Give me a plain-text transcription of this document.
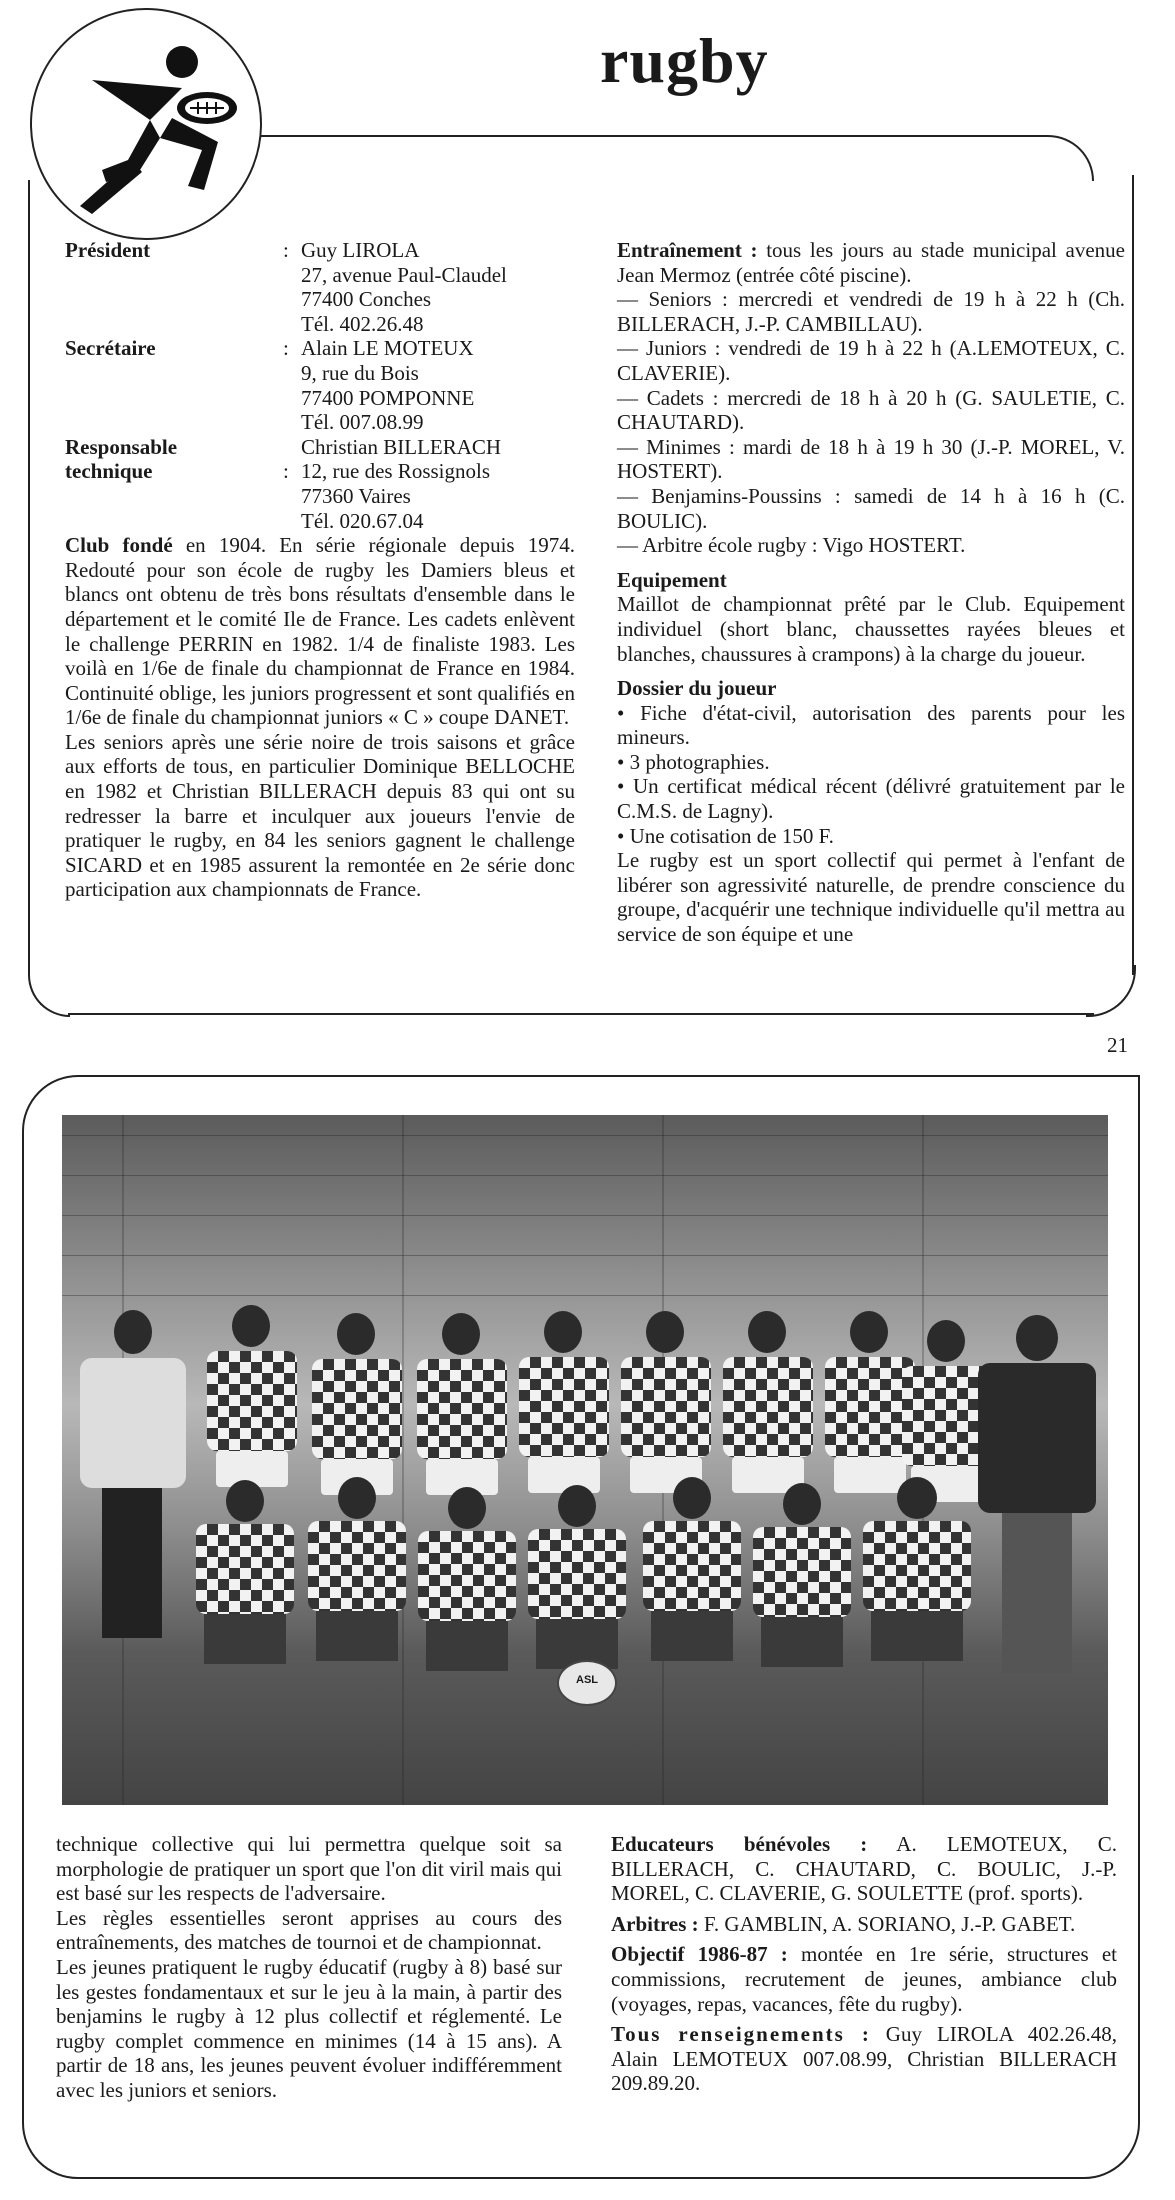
rugby
Président	: Guy LIROLA
27, avenue Paul-Claudel
77400 Conches
Tél. 402.26.48
Secrétaire	: Alain LE MOTEUX
9, rue du Bois
77400 POMPONNE
Tél. 007.08.99
Responsable
technique	:
Christian BILLERACH
12, rue des Rossignols
77360 Vaires
Tél. 020.67.04

Club fondé en 1904. En série régionale depuis 1974. Redouté pour son école de rugby les Damiers bleus et blancs ont obtenu de très bons résultats d'ensemble dans le département et le comité Ile de France. Les cadets enlèvent le challenge PERRIN en 1982. 1/4 de finaliste 1983. Les voilà en 1/6e de finale du championnat de France en 1984. Continuité oblige, les juniors progressent et sont qualifiés en 1/6e de finale du championnat juniors « C » coupe DANET.

Les seniors après une série noire de trois saisons et grâce aux efforts de tous, en particulier Dominique BELLOCHE en 1982 et Christian BILLERACH depuis 83 qui ont su redresser la barre et inculquer aux joueurs l'envie de pratiquer le rugby, en 84 les seniors gagnent le challenge SICARD et en 1985 assurent la remontée en 2e série donc participation aux championnats de France.

Entraînement : tous les jours au stade municipal avenue Jean Mermoz (entrée côté piscine).

— Seniors : mercredi et vendredi de 19 h à 22 h (Ch. BILLERACH, J.-P. CAMBILLAU).

— Juniors : vendredi de 19 h à 22 h (A.LEMOTEUX, C. CLAVERIE).

— Cadets : mercredi de 18 h à 20 h (G. SAULETIE, C. CHAUTARD).

— Minimes : mardi de 18 h à 19 h 30 (J.-P. MOREL, V. HOSTERT).

— Benjamins-Poussins : samedi de 14 h à 16 h (C. BOULIC).

— Arbitre école rugby : Vigo HOSTERT.

Equipement

Maillot de championnat prêté par le Club. Equipement individuel (short blanc, chaussettes rayées bleues et blanches, chaussures à crampons) à la charge du joueur.

Dossier du joueur

• Fiche d'état-civil, autorisation des parents pour les mineurs.

• 3 photographies.

• Un certificat médical récent (délivré gratuitement par le C.M.S. de Lagny).

• Une cotisation de 150 F.

Le rugby est un sport collectif qui permet à l'enfant de libérer son agressivité naturelle, de prendre conscience du groupe, d'acquérir une technique individuelle qu'il mettra au service de son équipe et une

21
ASL

technique collective qui lui permettra quelque soit sa morphologie de pratiquer un sport que l'on dit viril mais qui est basé sur les respects de l'adversaire.

Les règles essentielles seront apprises au cours des entraînements, des matches de tournoi et de championnat.

Les jeunes pratiquent le rugby éducatif (rugby à 8) basé sur les gestes fondamentaux et sur le jeu à la main, à partir des benjamins le rugby à 12 plus collectif et réglementé. Le rugby complet commence en minimes (14 à 15 ans). A partir de 18 ans, les jeunes peuvent évoluer indifféremment avec les juniors et seniors.

Educateurs bénévoles : A. LEMOTEUX, C. BILLERACH, C. CHAUTARD, C. BOULIC, J.-P. MOREL, C. CLAVERIE, G. SOULETTE (prof. sports).

Arbitres : F. GAMBLIN, A. SORIANO, J.-P. GABET.

Objectif 1986-87 : montée en 1re série, structures et commissions, recrutement de jeunes, ambiance club (voyages, repas, vacances, fête du rugby).

Tous renseignements : Guy LIROLA 402.26.48, Alain LEMOTEUX 007.08.99, Christian BILLERACH 209.89.20.
